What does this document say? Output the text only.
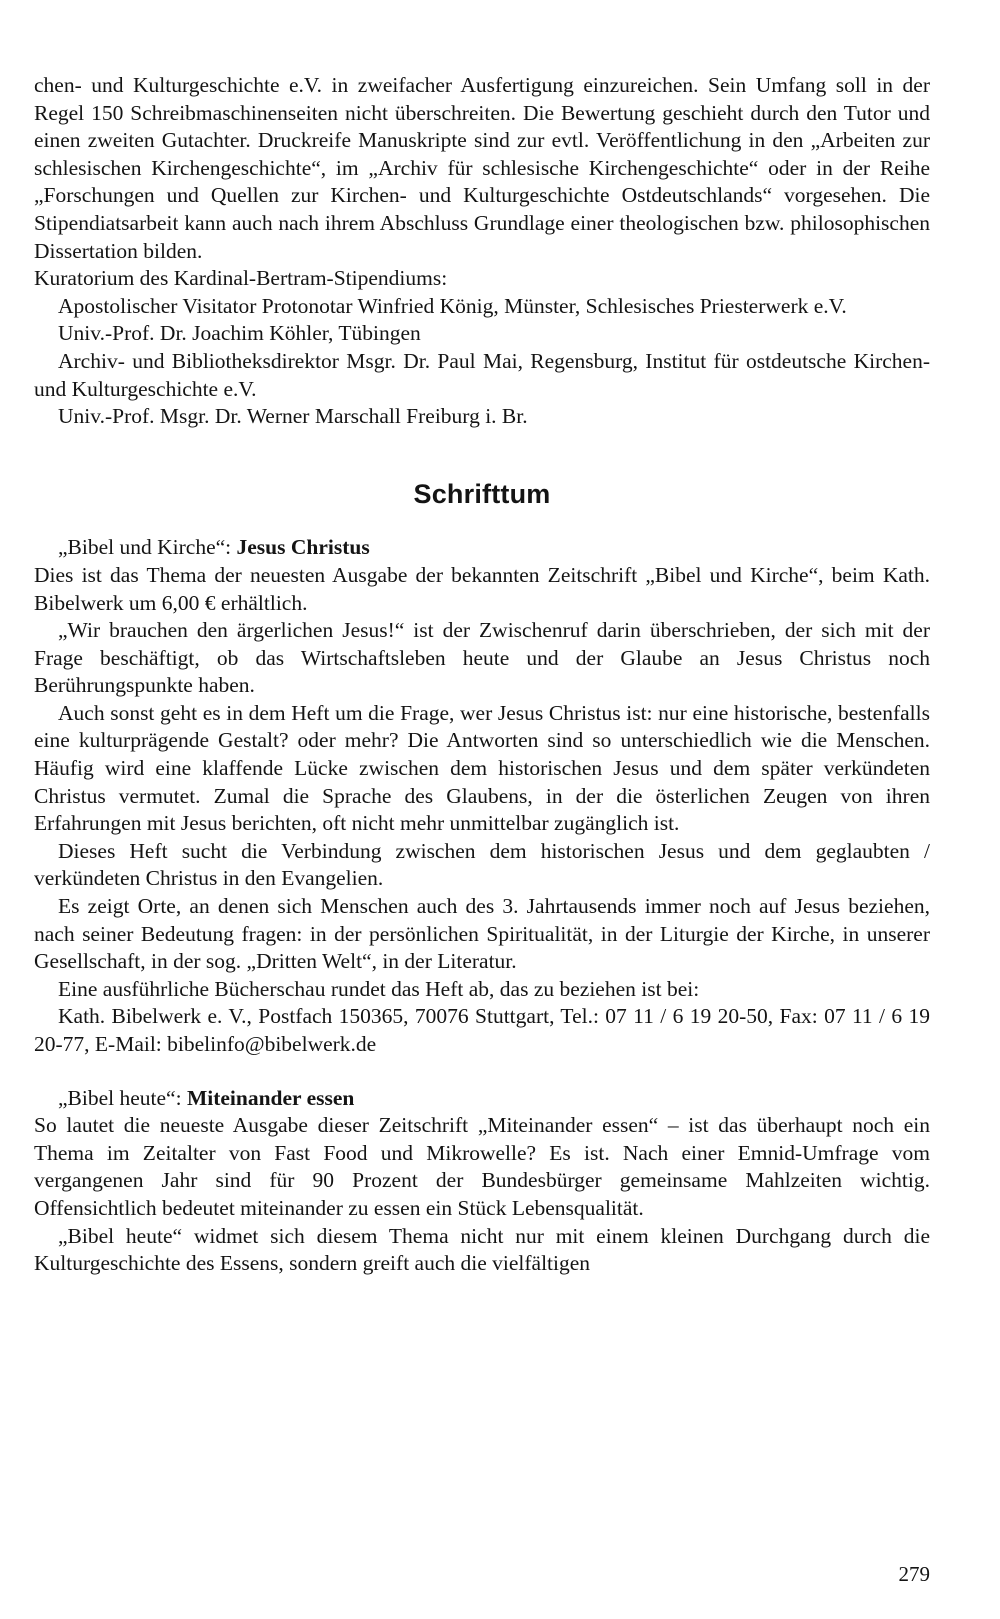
chen- und Kulturgeschichte e.V. in zweifacher Ausfertigung einzureichen. Sein Umfang soll in der Regel 150 Schreibmaschinenseiten nicht überschreiten. Die Bewertung geschieht durch den Tutor und einen zweiten Gutachter. Druckreife Manuskripte sind zur evtl. Veröffentlichung in den „Arbeiten zur schlesischen Kirchengeschichte“, im „Archiv für schlesische Kirchengeschichte“ oder in der Reihe „Forschungen und Quellen zur Kirchen- und Kulturgeschichte Ostdeutschlands“ vorgesehen. Die Stipendiatsarbeit kann auch nach ihrem Abschluss Grundlage einer theologischen bzw. philosophischen Dissertation bilden.

Kuratorium des Kardinal-Bertram-Stipendiums:

Apostolischer Visitator Protonotar Winfried König, Münster, Schlesisches Priesterwerk e.V.

Univ.-Prof. Dr. Joachim Köhler, Tübingen

Archiv- und Bibliotheksdirektor Msgr. Dr. Paul Mai, Regensburg, Institut für ostdeutsche Kirchen- und Kulturgeschichte e.V.

Univ.-Prof. Msgr. Dr. Werner Marschall Freiburg i. Br.

Schrifttum

„Bibel und Kirche“: Jesus Christus

Dies ist das Thema der neuesten Ausgabe der bekannten Zeitschrift „Bibel und Kirche“, beim Kath. Bibelwerk um 6,00 € erhältlich.

„Wir brauchen den ärgerlichen Jesus!“ ist der Zwischenruf darin überschrieben, der sich mit der Frage beschäftigt, ob das Wirtschaftsleben heute und der Glaube an Jesus Christus noch Berührungspunkte haben.

Auch sonst geht es in dem Heft um die Frage, wer Jesus Christus ist: nur eine historische, bestenfalls eine kulturprägende Gestalt? oder mehr? Die Antworten sind so unterschiedlich wie die Menschen. Häufig wird eine klaffende Lücke zwischen dem historischen Jesus und dem später verkündeten Christus vermutet. Zumal die Sprache des Glaubens, in der die österlichen Zeugen von ihren Erfahrungen mit Jesus berichten, oft nicht mehr unmittelbar zugänglich ist.

Dieses Heft sucht die Verbindung zwischen dem historischen Jesus und dem geglaubten / verkündeten Christus in den Evangelien.

Es zeigt Orte, an denen sich Menschen auch des 3. Jahrtausends immer noch auf Jesus beziehen, nach seiner Bedeutung fragen: in der persönlichen Spiritualität, in der Liturgie der Kirche, in unserer Gesellschaft, in der sog. „Dritten Welt“, in der Literatur.

Eine ausführliche Bücherschau rundet das Heft ab, das zu beziehen ist bei:

Kath. Bibelwerk e. V., Postfach 150365, 70076 Stuttgart, Tel.: 07 11 / 6 19 20-50, Fax: 07 11 / 6 19 20-77, E-Mail: bibelinfo@bibelwerk.de

„Bibel heute“: Miteinander essen

So lautet die neueste Ausgabe dieser Zeitschrift „Miteinander essen“ – ist das überhaupt noch ein Thema im Zeitalter von Fast Food und Mikrowelle? Es ist. Nach einer Emnid-Umfrage vom vergangenen Jahr sind für 90 Prozent der Bundesbürger gemeinsame Mahlzeiten wichtig. Offensichtlich bedeutet miteinander zu essen ein Stück Lebensqualität.

„Bibel heute“ widmet sich diesem Thema nicht nur mit einem kleinen Durchgang durch die Kulturgeschichte des Essens, sondern greift auch die vielfältigen

279
